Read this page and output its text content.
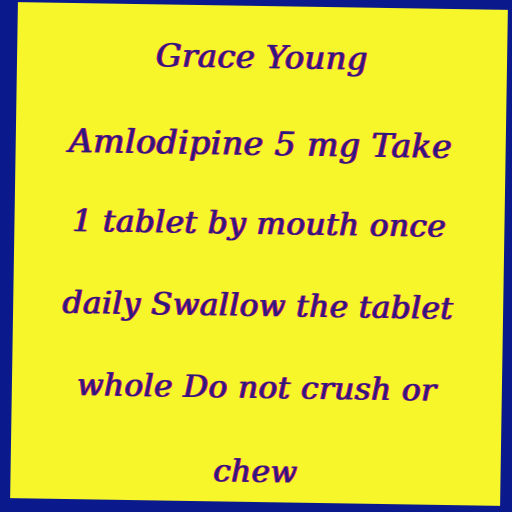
Grace Young
Amlodipine 5 mg Take
1 tablet by mouth once
daily Swallow the tablet
whole Do not crush or
chew
